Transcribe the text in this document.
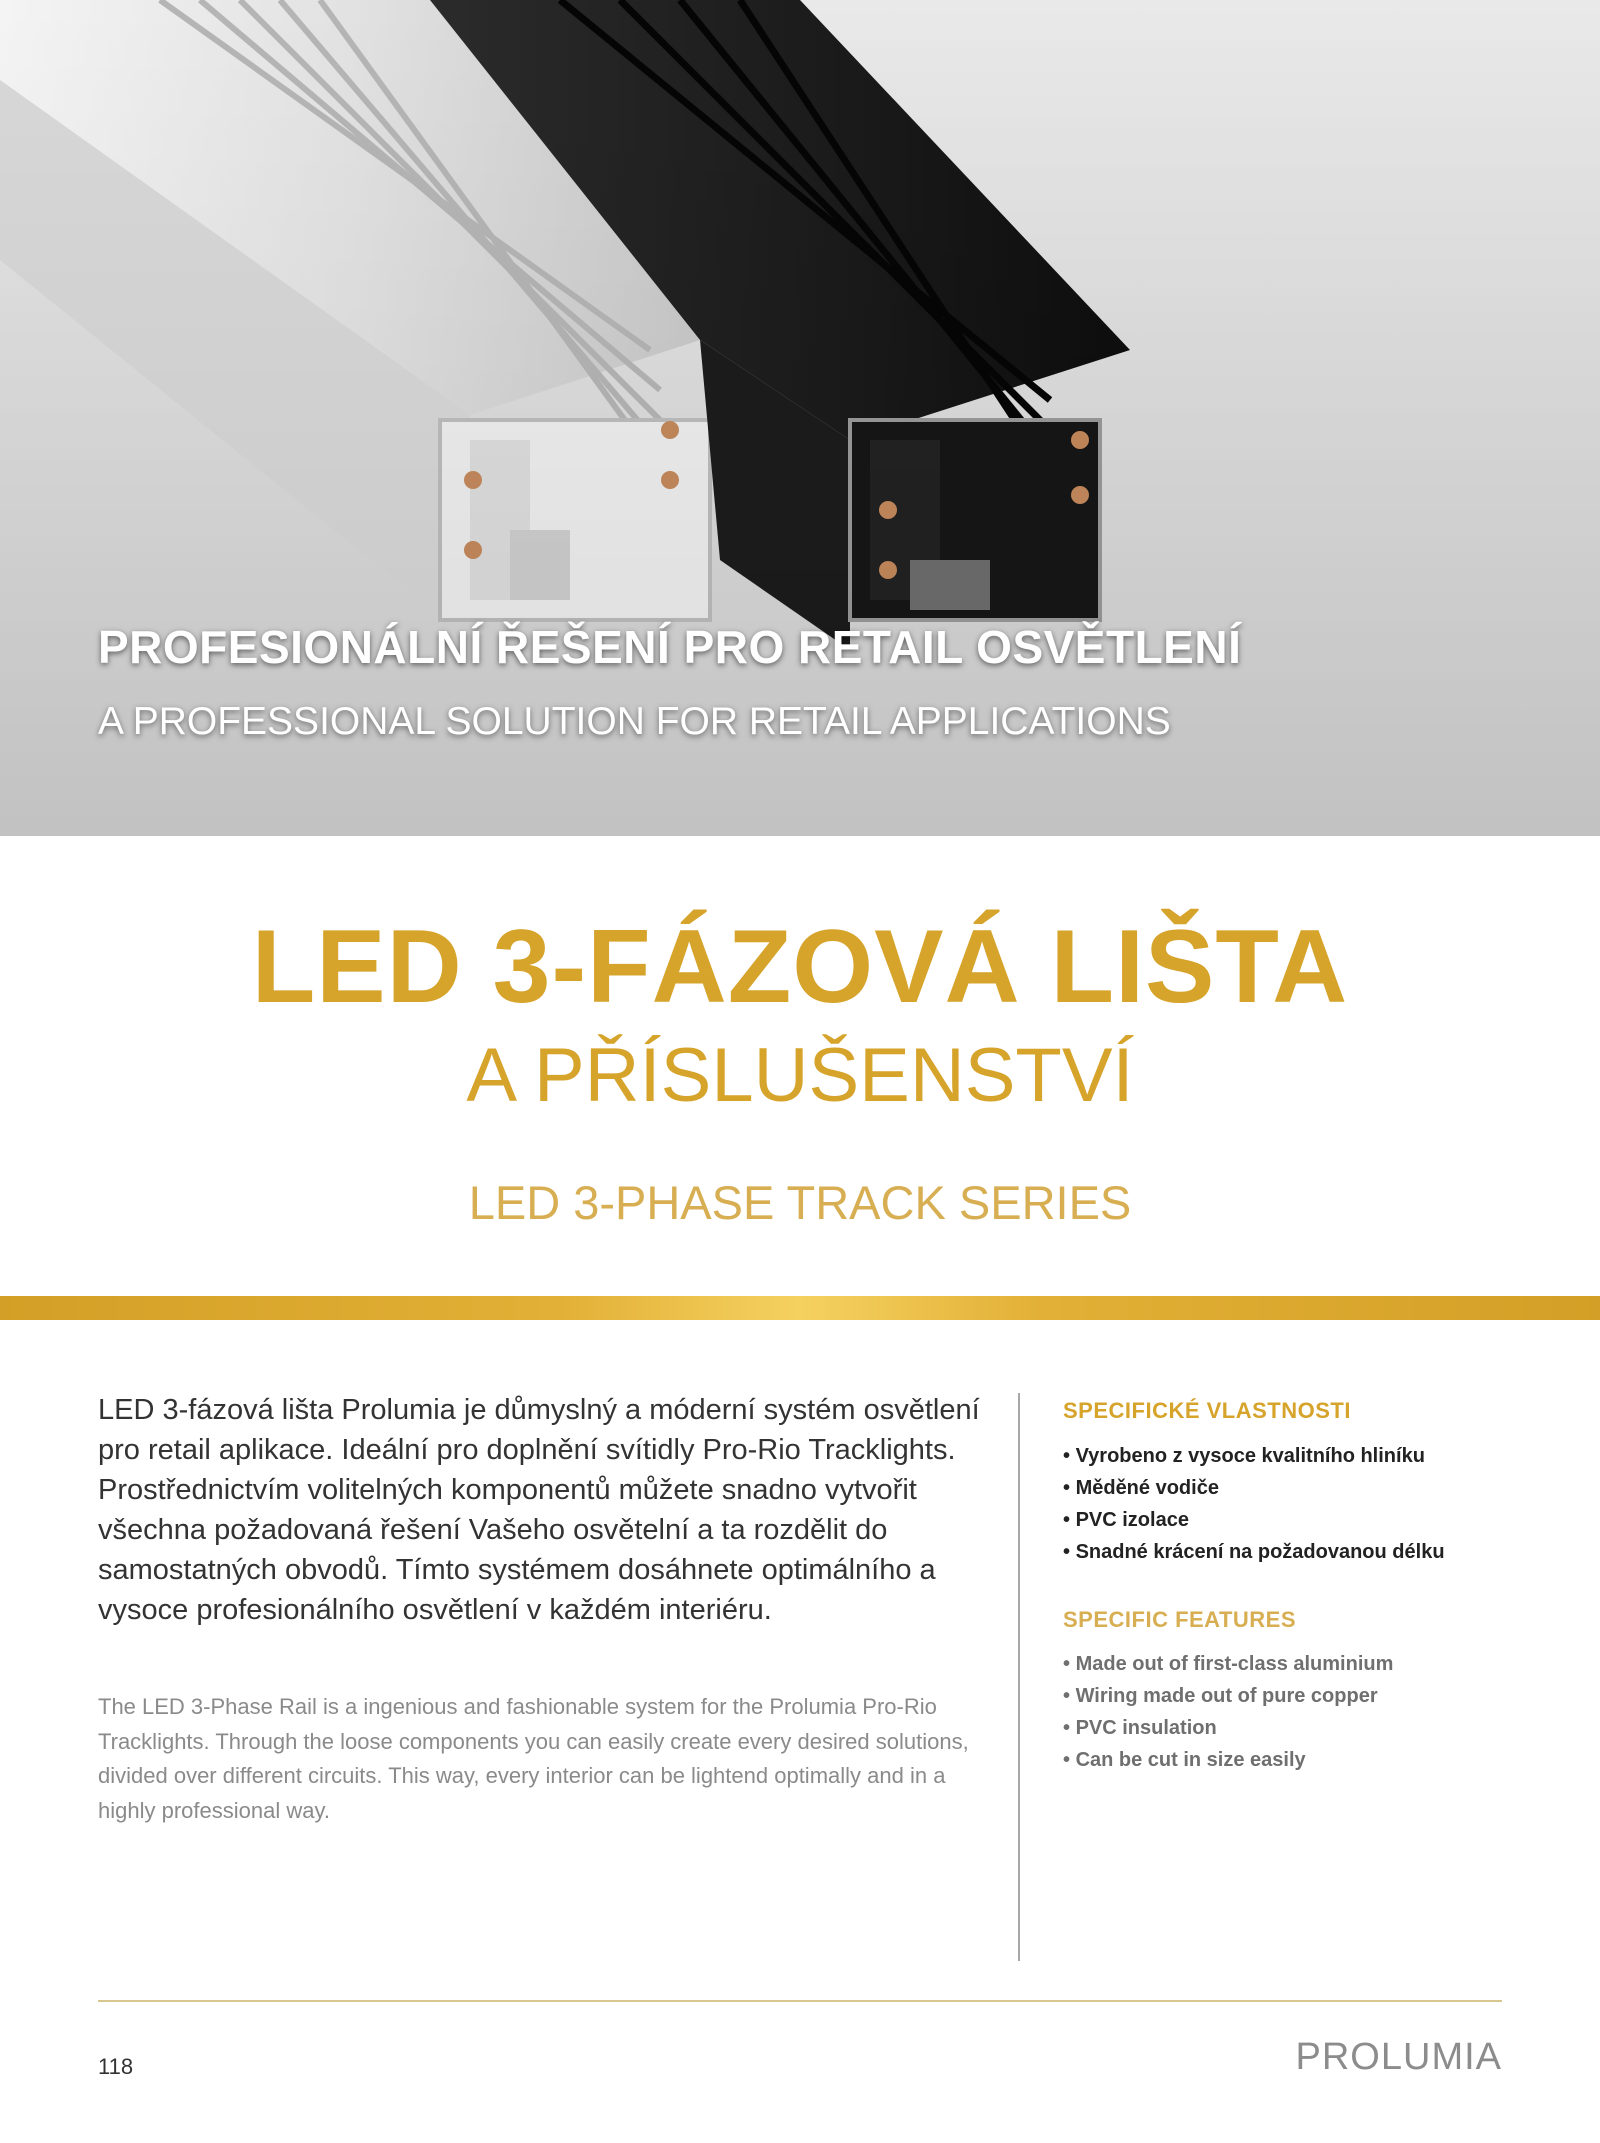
PROFESIONÁLNÍ ŘEŠENÍ PRO RETAIL OSVĚTLENÍ
A PROFESSIONAL SOLUTION FOR RETAIL APPLICATIONS
LED 3-FÁZOVÁ LIŠTA
A PŘÍSLUŠENSTVÍ
LED 3-PHASE TRACK SERIES
LED 3-fázová lišta Prolumia je důmyslný a móderní systém osvětlení pro retail aplikace. Ideální pro doplnění svítidly Pro-Rio Tracklights. Prostřednictvím volitelných komponentů můžete snadno vytvořit všechna požadovaná řešení Vašeho osvětelní a ta rozdělit do samostatných obvodů. Tímto systémem dosáhnete optimálního a vysoce profesionálního osvětlení v každém interiéru.
The LED 3-Phase Rail is a ingenious and fashionable system for the Prolumia Pro-Rio Tracklights. Through the loose components you can easily create every desired solutions, divided over different circuits. This way, every interior can be lightend optimally and in a highly professional way.
SPECIFICKÉ VLASTNOSTI
• Vyrobeno z vysoce kvalitního hliníku
• Měděné vodiče
• PVC izolace
• Snadné krácení na požadovanou délku
SPECIFIC FEATURES
• Made out of first-class aluminium
• Wiring made out of pure copper
• PVC insulation
• Can be cut in size easily
118	PROLUMIA
